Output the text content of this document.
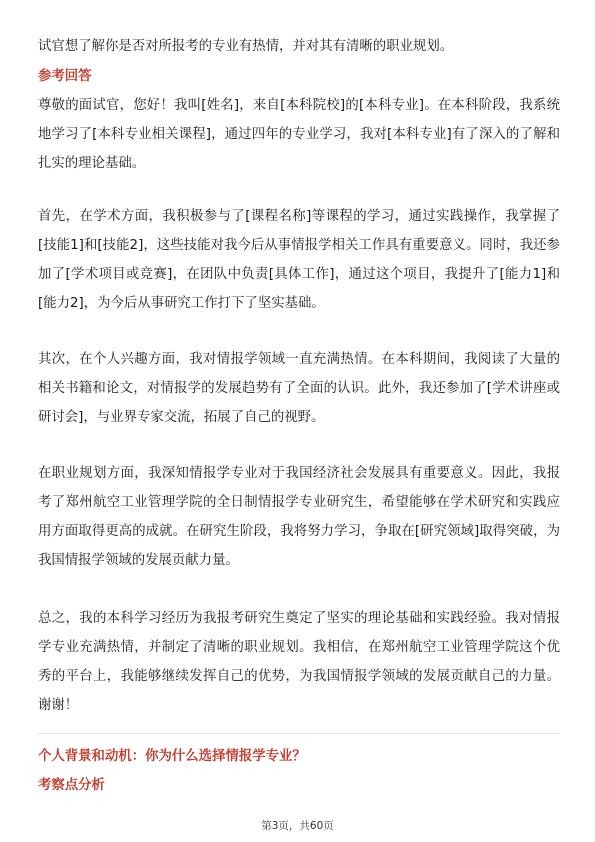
试官想了解你是否对所报考的专业有热情，并对其有清晰的职业规划。

参考回答

尊敬的面试官，您好！我叫[姓名]，来自[本科院校]的[本科专业]。在本科阶段，我系统地学习了[本科专业相关课程]，通过四年的专业学习，我对[本科专业]有了深入的了解和扎实的理论基础。

首先，在学术方面，我积极参与了[课程名称]等课程的学习，通过实践操作，我掌握了[技能1]和[技能2]，这些技能对我今后从事情报学相关工作具有重要意义。同时，我还参加了[学术项目或竞赛]，在团队中负责[具体工作]，通过这个项目，我提升了[能力1]和[能力2]，为今后从事研究工作打下了坚实基础。

其次，在个人兴趣方面，我对情报学领域一直充满热情。在本科期间，我阅读了大量的相关书籍和论文，对情报学的发展趋势有了全面的认识。此外，我还参加了[学术讲座或研讨会]，与业界专家交流，拓展了自己的视野。

在职业规划方面，我深知情报学专业对于我国经济社会发展具有重要意义。因此，我报考了郑州航空工业管理学院的全日制情报学专业研究生，希望能够在学术研究和实践应用方面取得更高的成就。在研究生阶段，我将努力学习，争取在[研究领域]取得突破，为我国情报学领域的发展贡献力量。

总之，我的本科学习经历为我报考研究生奠定了坚实的理论基础和实践经验。我对情报学专业充满热情，并制定了清晰的职业规划。我相信，在郑州航空工业管理学院这个优秀的平台上，我能够继续发挥自己的优势，为我国情报学领域的发展贡献自己的力量。谢谢！

个人背景和动机：你为什么选择情报学专业？

考察点分析

第3页，共60页
